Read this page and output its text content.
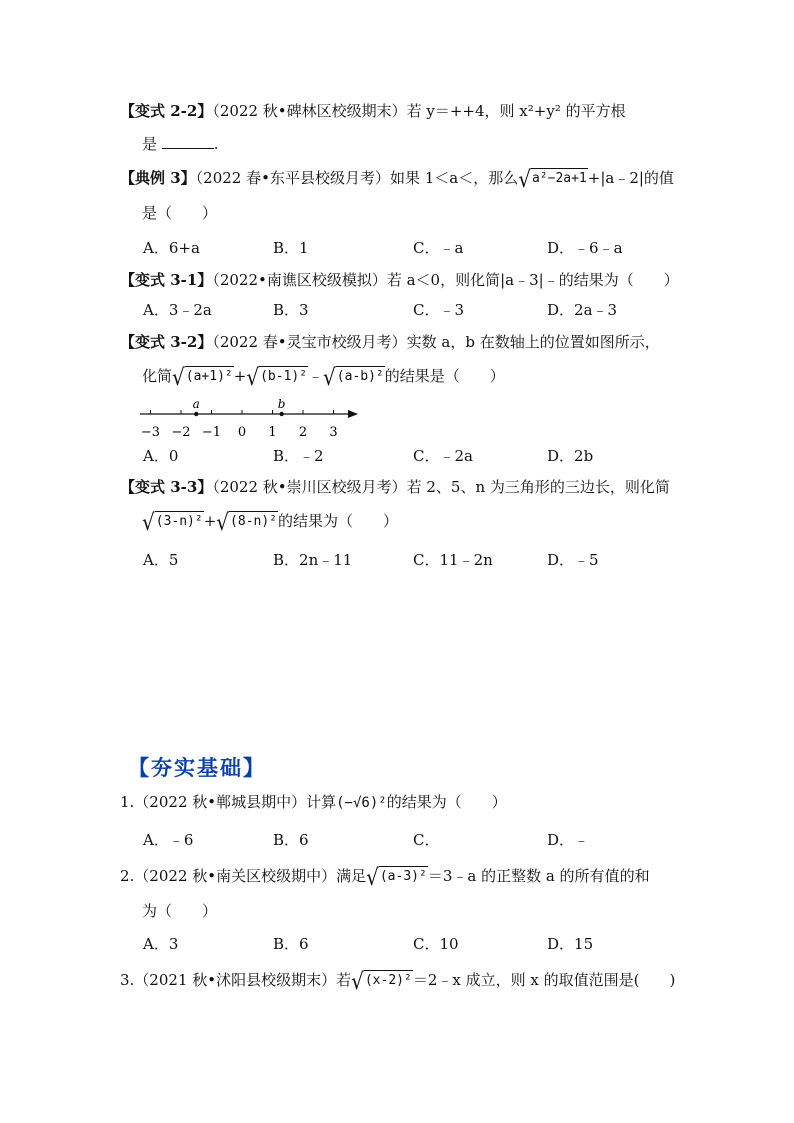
【变式 2-2】（2022 秋•碑林区校级期末）若 y＝++4，则 x²+y² 的平方根
是	.
【典例 3】（2022 春•东平县校级月考）如果 1＜a＜，那么 √ a²−2a+1 +|a﹣2|的值
是（　　）
A．6+a	B．1	C．﹣a	D．﹣6﹣a
【变式 3-1】（2022•南谯区校级模拟）若 a＜0，则化简|a﹣3|﹣的结果为（　　）
A．3﹣2a	B．3	C．﹣3	D．2a﹣3
【变式 3-2】（2022 春•灵宝市校级月考）实数 a，b 在数轴上的位置如图所示，
化简 √ (a+1)² + √ (b-1)² ﹣ √ (a-b)² 的结果是（　　）
−3 −2 −1 0 1 2 3
a	b
A．0	B．﹣2	C．﹣2a	D．2b
【变式 3-3】（2022 秋•崇川区校级月考）若 2、5、n 为三角形的三边长，则化简
√ (3-n)² + √ (8-n)² 的结果为（　　）
A．5	B．2n﹣11	C．11﹣2n	D．﹣5
【夯实基础】
1.（2022 秋•郸城县期中）计算(−√6)²的结果为（　　）
A．﹣6	B．6	C．	D．﹣
2.（2022 秋•南关区校级期中）满足 √ (a-3)² ＝3﹣a 的正整数 a 的所有值的和
为（　　）
A．3	B．6	C．10	D．15
3.（2021 秋•沭阳县校级期末）若 √ (x-2)² ＝2﹣x 成立，则 x 的取值范围是(　　)
